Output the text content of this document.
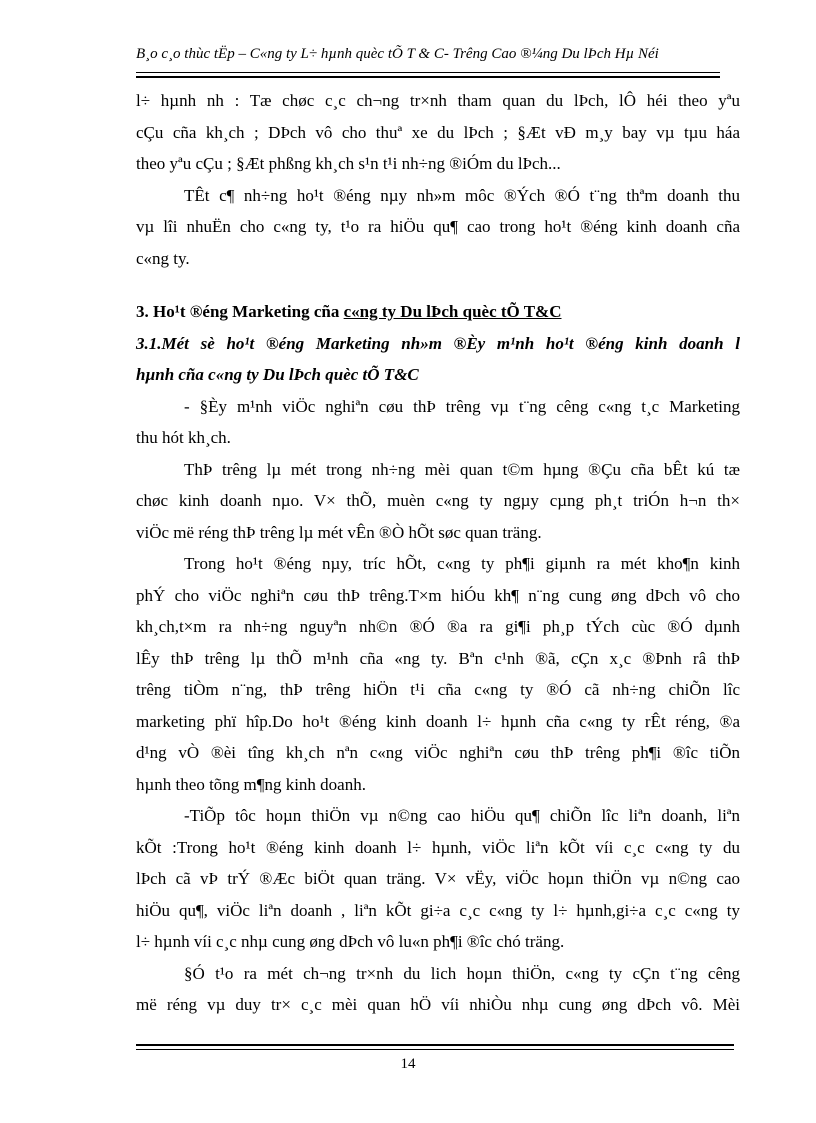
B¸o c¸o thùc tËp – C«ng ty L÷ hµnh quèc tÕ T & C- Trêng Cao ®¼ng Du lÞch Hµ Néi
l÷ hµnh nh : Tæ chøc c¸c ch¬ng tr×nh tham quan du lÞch, lÔ héi theo yªu
cÇu cña kh¸ch ; DÞch vô cho thuª xe du lÞch ; §Æt vÐ m¸y bay vµ tµu háa
theo yªu cÇu ; §Æt phßng kh¸ch s¹n t¹i nh÷ng ®iÓm du lÞch...
TÊt c¶ nh÷ng ho¹t ®éng nµy nh»m môc ®Ých ®Ó t¨ng thªm doanh thu
vµ lîi nhuËn cho c«ng ty, t¹o ra hiÖu qu¶ cao trong ho¹t ®éng kinh doanh cña
c«ng ty.
3. Ho¹t ®éng Marketing cña c«ng ty Du lÞch quèc tÕ T&C
3.1.Mét sè ho¹t ®éng Marketing nh»m ®Èy m¹nh ho¹t ®éng kinh doanh l
hµnh cña c«ng ty Du lÞch quèc tÕ T&C
- §Èy m¹nh viÖc nghiªn cøu thÞ trêng vµ t¨ng cêng c«ng t¸c Marketing
thu hót kh¸ch.
ThÞ trêng lµ mét trong nh÷ng mèi quan t©m hµng ®Çu cña bÊt kú tæ
chøc kinh doanh nµo. V× thÕ, muèn c«ng ty ngµy cµng ph¸t triÓn h¬n th×
viÖc më réng thÞ trêng lµ mét vÊn ®Ò hÕt søc quan träng.
Trong ho¹t ®éng nµy, tríc hÕt, c«ng ty ph¶i giµnh ra mét kho¶n kinh
phÝ cho viÖc nghiªn cøu thÞ trêng.T×m hiÓu kh¶ n¨ng cung øng dÞch vô cho
kh¸ch,t×m ra nh÷ng nguyªn nh©n ®Ó ®a ra gi¶i ph¸p tÝch cùc ®Ó dµnh
lÊy thÞ trêng lµ thÕ m¹nh cña «ng ty. Bªn c¹nh ®ã, cÇn x¸c ®Þnh râ thÞ
trêng tiÒm n¨ng, thÞ trêng hiÖn t¹i cña c«ng ty ®Ó cã nh÷ng chiÕn lîc
marketing phï hîp.Do ho¹t ®éng kinh doanh l÷ hµnh cña c«ng ty rÊt réng, ®a
d¹ng vÒ ®èi tîng kh¸ch nªn c«ng viÖc nghiªn cøu thÞ trêng ph¶i ®îc tiÕn
hµnh theo tõng m¶ng kinh doanh.
-TiÕp tôc hoµn thiÖn vµ n©ng cao hiÖu qu¶ chiÕn lîc liªn doanh, liªn
kÕt :Trong ho¹t ®éng kinh doanh l÷ hµnh, viÖc liªn kÕt víi c¸c c«ng ty du
lÞch cã vÞ trÝ ®Æc biÖt quan träng. V× vËy, viÖc hoµn thiÖn vµ n©ng cao
hiÖu qu¶, viÖc liªn doanh , liªn kÕt gi÷a c¸c c«ng ty l÷ hµnh,gi÷a c¸c c«ng ty
l÷ hµnh víi c¸c nhµ cung øng dÞch vô lu«n ph¶i ®îc chó träng.
§Ó t¹o ra mét ch¬ng tr×nh du lich hoµn thiÖn, c«ng ty cÇn t¨ng cêng
më réng vµ duy tr× c¸c mèi quan hÖ víi nhiÒu nhµ cung øng dÞch vô. Mèi
14
